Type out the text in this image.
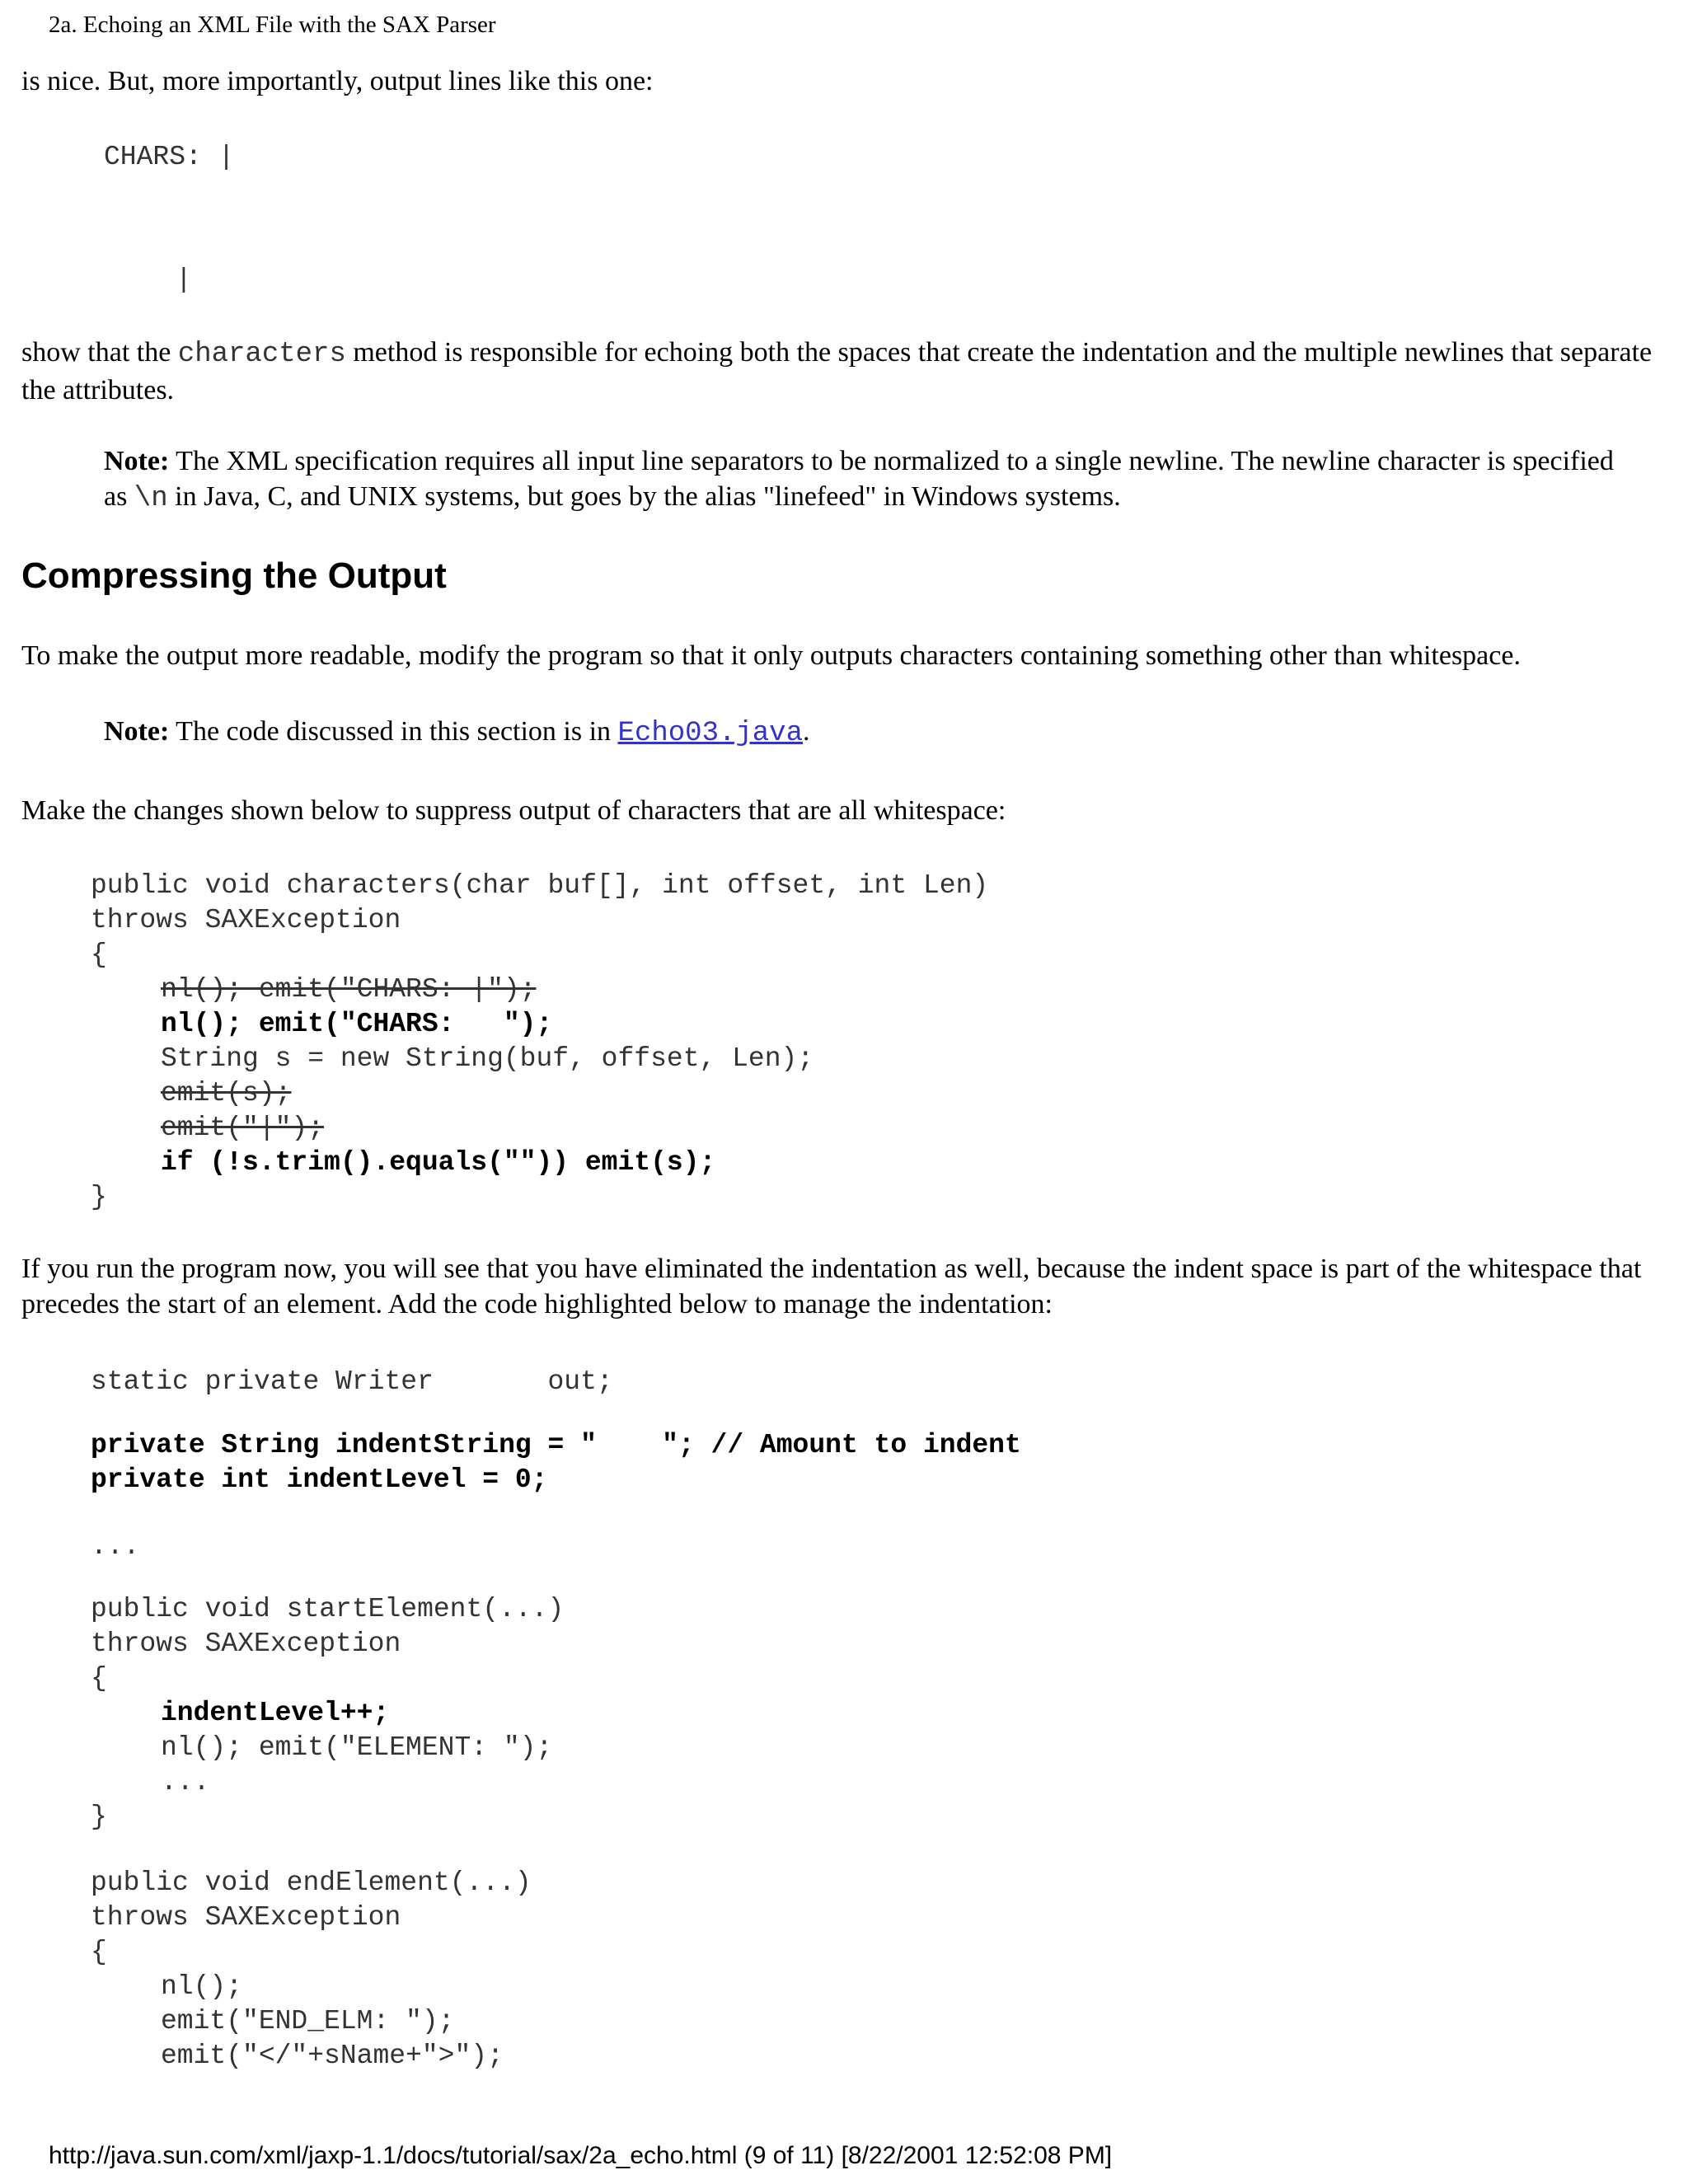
2a. Echoing an XML File with the SAX Parser
is nice. But, more importantly, output lines like this one:
CHARS: |
|
show that the characters method is responsible for echoing both the spaces that create the indentation and the multiple newlines that separate the attributes.
Note: The XML specification requires all input line separators to be normalized to a single newline. The newline character is specified as \n in Java, C, and UNIX systems, but goes by the alias "linefeed" in Windows systems.
Compressing the Output
To make the output more readable, modify the program so that it only outputs characters containing something other than whitespace.
Note: The code discussed in this section is in Echo03.java.
Make the changes shown below to suppress output of characters that are all whitespace:
public void characters(char buf[], int offset, int Len)
throws SAXException
{
nl(); emit("CHARS: |");
nl(); emit("CHARS:   ");
String s = new String(buf, offset, Len);
emit(s);
emit("|");
if (!s.trim().equals("")) emit(s);
}
If you run the program now, you will see that you have eliminated the indentation as well, because the indent space is part of the whitespace that precedes the start of an element. Add the code highlighted below to manage the indentation:
static private Writer       out;
private String indentString = "    "; // Amount to indent
private int indentLevel = 0;
...
public void startElement(...)
throws SAXException
{
indentLevel++;
nl(); emit("ELEMENT: ");
...
}
public void endElement(...)
throws SAXException
{
nl();
emit("END_ELM: ");
emit("</"+sName+">");
http://java.sun.com/xml/jaxp-1.1/docs/tutorial/sax/2a_echo.html (9 of 11) [8/22/2001 12:52:08 PM]
